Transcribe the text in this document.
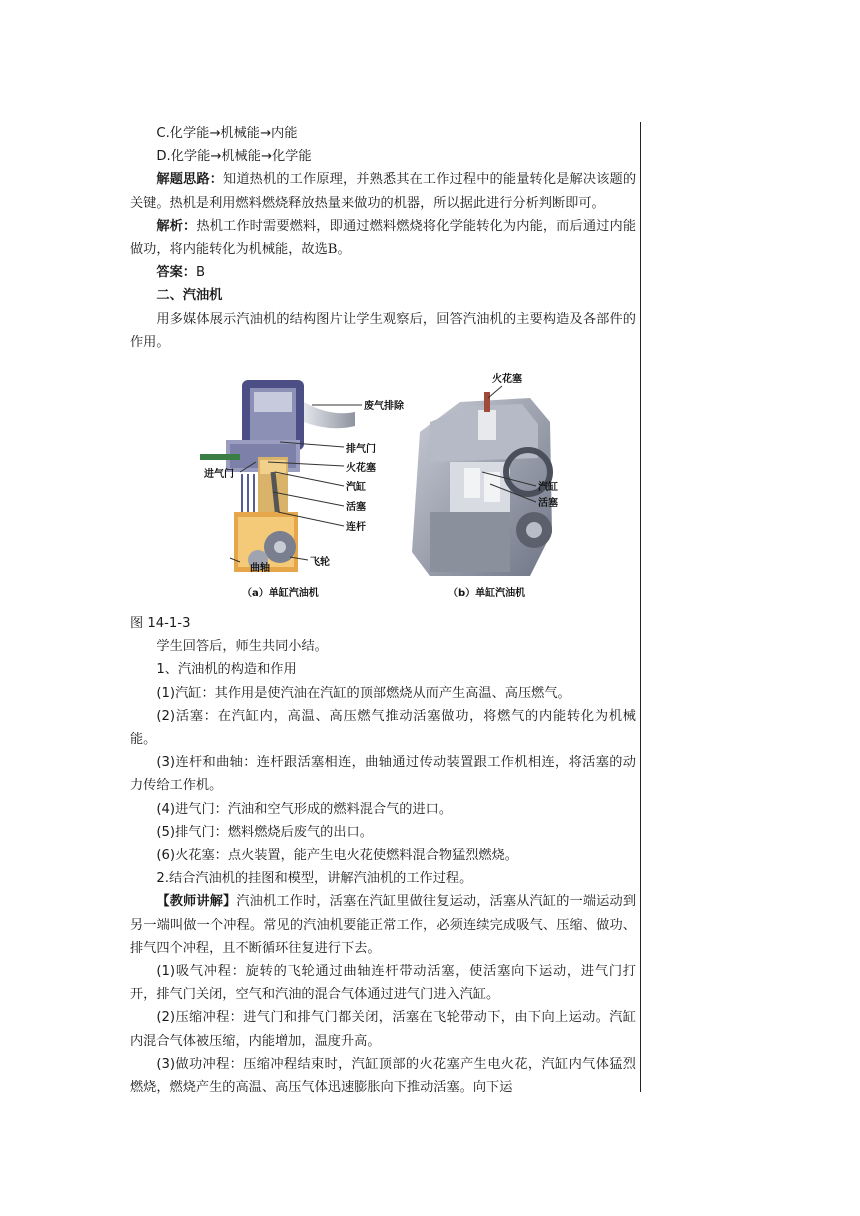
C.化学能→机械能→内能

D.化学能→机械能→化学能

解题思路：知道热机的工作原理，并熟悉其在工作过程中的能量转化是解决该题的关键。热机是利用燃料燃烧释放热量来做功的机器，所以据此进行分析判断即可。

解析：热机工作时需要燃料，即通过燃料燃烧将化学能转化为内能，而后通过内能做功，将内能转化为机械能，故选B。

答案：B

二、汽油机

用多媒体展示汽油机的结构图片让学生观察后，回答汽油机的主要构造及各部件的作用。

废气排除
排气门
火花塞
进气门
汽缸
活塞
连杆
曲轴
飞轮
火花塞
汽缸
活塞
（a）单缸汽油机	（b）单缸汽油机

图 14-1-3

学生回答后，师生共同小结。

1、汽油机的构造和作用

(1)汽缸：其作用是使汽油在汽缸的顶部燃烧从而产生高温、高压燃气。

(2)活塞：在汽缸内，高温、高压燃气推动活塞做功，将燃气的内能转化为机械能。

(3)连杆和曲轴：连杆跟活塞相连，曲轴通过传动装置跟工作机相连，将活塞的动力传给工作机。

(4)进气门：汽油和空气形成的燃料混合气的进口。

(5)排气门：燃料燃烧后废气的出口。

(6)火花塞：点火装置，能产生电火花使燃料混合物猛烈燃烧。

2.结合汽油机的挂图和模型，讲解汽油机的工作过程。

【教师讲解】汽油机工作时，活塞在汽缸里做往复运动，活塞从汽缸的一端运动到另一端叫做一个冲程。常见的汽油机要能正常工作，必须连续完成吸气、压缩、做功、排气四个冲程，且不断循环往复进行下去。

(1)吸气冲程：旋转的飞轮通过曲轴连杆带动活塞，使活塞向下运动，进气门打开，排气门关闭，空气和汽油的混合气体通过进气门进入汽缸。

(2)压缩冲程：进气门和排气门都关闭，活塞在飞轮带动下，由下向上运动。汽缸内混合气体被压缩，内能增加，温度升高。

(3)做功冲程：压缩冲程结束时，汽缸顶部的火花塞产生电火花，汽缸内气体猛烈燃烧，燃烧产生的高温、高压气体迅速膨胀向下推动活塞。向下运
